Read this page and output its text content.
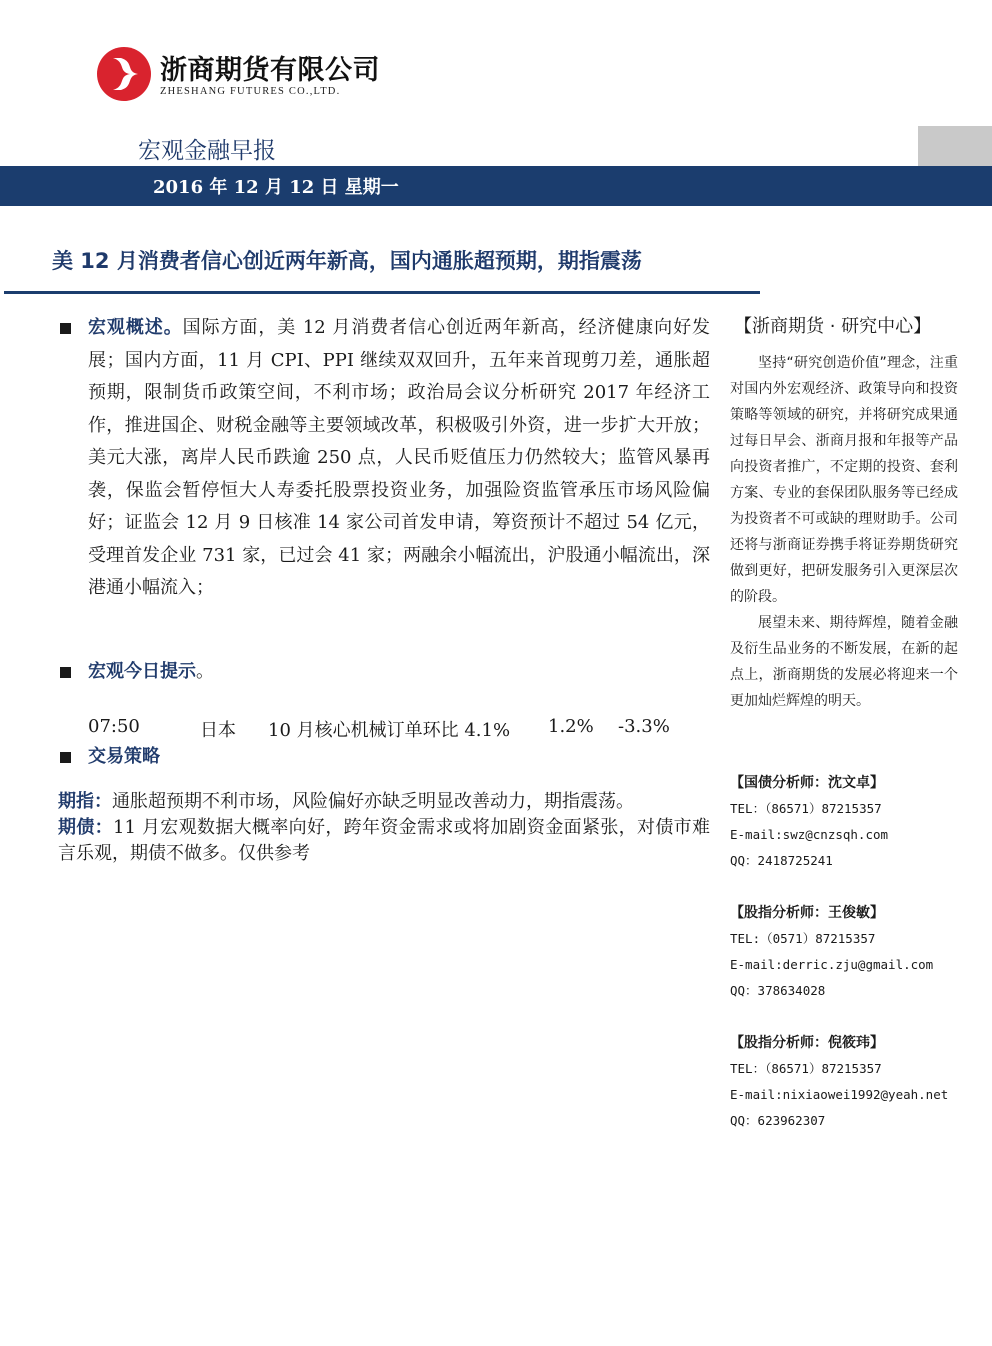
浙商期货有限公司
ZHESHANG FUTURES CO.,LTD.
宏观金融早报
2016 年 12 月 12 日 星期一
美 12 月消费者信心创近两年新高，国内通胀超预期，期指震荡

宏观概述。国际方面，美 12 月消费者信心创近两年新高，经济健康向好发展；国内方面，11 月 CPI、PPI 继续双双回升，五年来首现剪刀差，通胀超预期，限制货币政策空间，不利市场；政治局会议分析研究 2017 年经济工作，推进国企、财税金融等主要领域改革，积极吸引外资，进一步扩大开放；美元大涨，离岸人民币跌逾 250 点，人民币贬值压力仍然较大；监管风暴再袭，保监会暂停恒大人寿委托股票投资业务，加强险资监管承压市场风险偏好；证监会 12 月 9 日核准 14 家公司首发申请，筹资预计不超过 54 亿元，受理首发企业 731 家，已过会 41 家；两融余小幅流出，沪股通小幅流出，深港通小幅流入；

宏观今日提示。
07:50	日本 10 月核心机械订单环比 4.1% 1.2% -3.3%
交易策略

期指：通胀超预期不利市场，风险偏好亦缺乏明显改善动力，期指震荡。

期债：11 月宏观数据大概率向好，跨年资金需求或将加剧资金面紧张，对债市难言乐观，期债不做多。仅供参考

【浙商期货 · 研究中心】

坚持“研究创造价值”理念，注重对国内外宏观经济、政策导向和投资策略等领域的研究，并将研究成果通过每日早会、浙商月报和年报等产品向投资者推广，不定期的投资、套利方案、专业的套保团队服务等已经成为投资者不可或缺的理财助手。公司还将与浙商证券携手将证券期货研究做到更好，把研发服务引入更深层次的阶段。

展望未来、期待辉煌，随着金融及衍生品业务的不断发展，在新的起点上，浙商期货的发展必将迎来一个更加灿烂辉煌的明天。

【国债分析师：沈文卓】
TEL：（86571）87215357
E-mail:swz@cnzsqh.com
QQ：2418725241
【股指分析师：王俊敏】
TEL:（0571）87215357
E-mail:derric.zju@gmail.com
QQ：378634028
【股指分析师：倪筱玮】
TEL：（86571）87215357
E-mail:nixiaowei1992@yeah.net
QQ：623962307
